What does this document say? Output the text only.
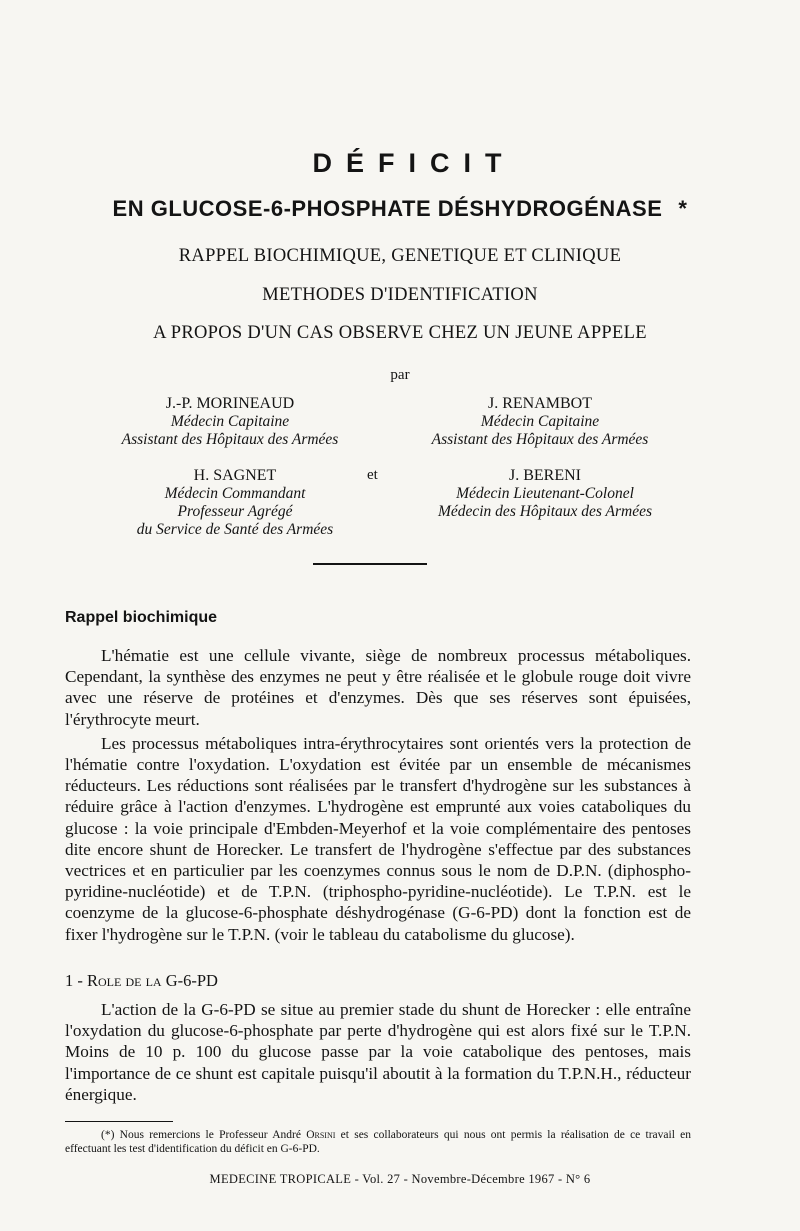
DÉFICIT
EN GLUCOSE-6-PHOSPHATE DÉSHYDROGÉNASE *
RAPPEL BIOCHIMIQUE, GENETIQUE ET CLINIQUE
METHODES D'IDENTIFICATION
A PROPOS D'UN CAS OBSERVE CHEZ UN JEUNE APPELE
par
J.-P. MORINEAUD
Médecin Capitaine
Assistant des Hôpitaux des Armées
J. RENAMBOT
Médecin Capitaine
Assistant des Hôpitaux des Armées
H. SAGNET
Médecin Commandant
Professeur Agrégé
du Service de Santé des Armées
et	J. BERENI
Médecin Lieutenant-Colonel
Médecin des Hôpitaux des Armées
Rappel biochimique

L'hématie est une cellule vivante, siège de nombreux processus métaboliques. Cependant, la synthèse des enzymes ne peut y être réalisée et le globule rouge doit vivre avec une réserve de protéines et d'enzymes. Dès que ses réserves sont épuisées, l'érythrocyte meurt.

Les processus métaboliques intra-érythrocytaires sont orientés vers la protection de l'hématie contre l'oxydation. L'oxydation est évitée par un ensemble de mécanismes réducteurs. Les réductions sont réalisées par le transfert d'hydrogène sur les substances à réduire grâce à l'action d'enzymes. L'hydrogène est emprunté aux voies cataboliques du glucose : la voie principale d'Embden-Meyerhof et la voie complémentaire des pentoses dite encore shunt de Horecker. Le transfert de l'hydrogène s'effectue par des substances vectrices et en particulier par les coenzymes connus sous le nom de D.P.N. (diphospho-pyridine-nucléotide) et de T.P.N. (triphospho-pyridine-nucléotide). Le T.P.N. est le coenzyme de la glucose-6-phosphate déshydrogénase (G-6-PD) dont la fonction est de fixer l'hydrogène sur le T.P.N. (voir le tableau du catabolisme du glucose).

1 - Role de la G-6-PD

L'action de la G-6-PD se situe au premier stade du shunt de Horecker : elle entraîne l'oxydation du glucose-6-phosphate par perte d'hydrogène qui est alors fixé sur le T.P.N. Moins de 10 p. 100 du glucose passe par la voie catabolique des pentoses, mais l'importance de ce shunt est capitale puisqu'il aboutit à la formation du T.P.N.H., réducteur énergique.

(*) Nous remercions le Professeur André Orsini et ses collaborateurs qui nous ont permis la réalisation de ce travail en effectuant les test d'identification du déficit en G-6-PD.
MEDECINE TROPICALE - Vol. 27 - Novembre-Décembre 1967 - N° 6
